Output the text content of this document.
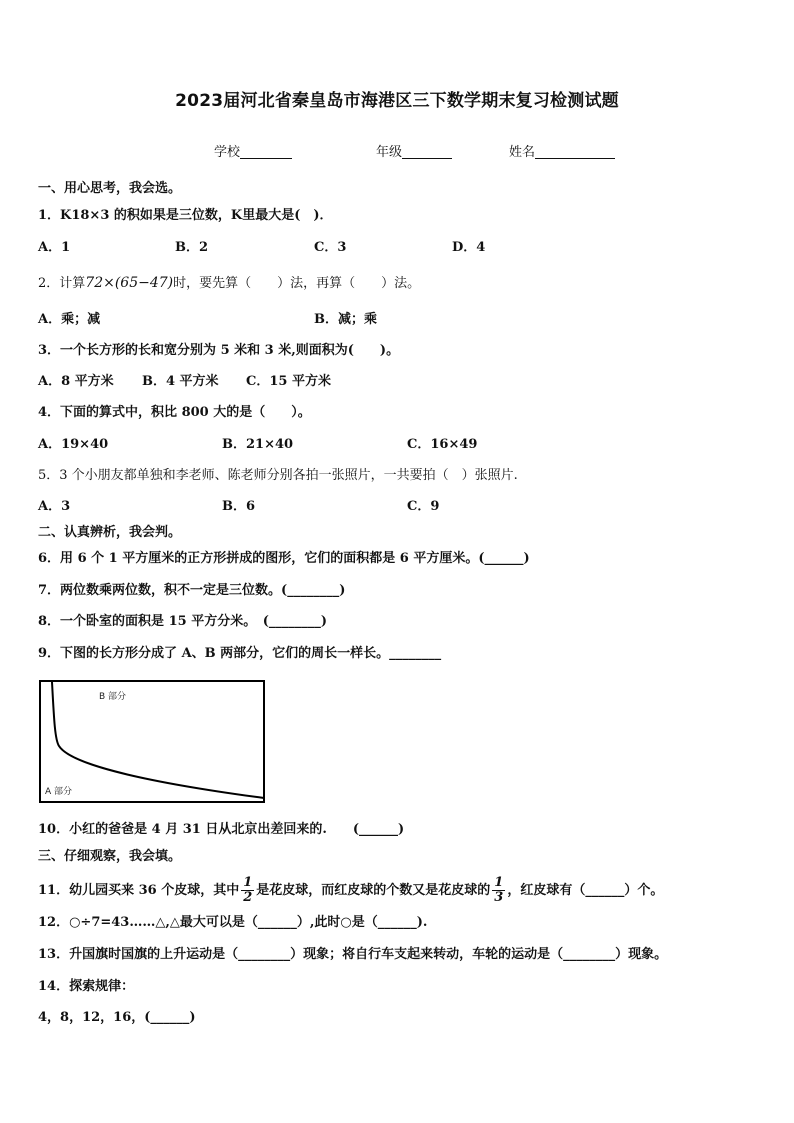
2023届河北省秦皇岛市海港区三下数学期末复习检测试题
学校	年级	姓名
一、用心思考，我会选。
1．K18×3 的积如果是三位数，K里最大是(　)．
A．1	B．2	C．3	D．4
2．计算72×(65−47)时，要先算（　　）法，再算（　　）法。
A．乘；减	B．减；乘
3．一个长方形的长和宽分别为 5 米和 3 米,则面积为(　　)。
A．8 平方米 B．4 平方米 C．15 平方米
4．下面的算式中，积比 800 大的是（　　）。
A．19×40	B．21×40	C．16×49
5．3 个小朋友都单独和李老师、陈老师分别各拍一张照片，一共要拍（　）张照片.
A．3	B．6	C．9
二、认真辨析，我会判。
6．用 6 个 1 平方厘米的正方形拼成的图形，它们的面积都是 6 平方厘米。(______)
7．两位数乘两位数，积不一定是三位数。(________)
8．一个卧室的面积是 15 平方分米。　(________)
9．下图的长方形分成了 A、B 两部分，它们的周长一样长。________
B 部分
A 部分
10．小红的爸爸是 4 月 31 日从北京出差回来的.　　(______)
三、仔细观察，我会填。
11．幼儿园买来 36 个皮球，其中 $\frac{1}{2}$ 是花皮球，而红皮球的个数又是花皮球的 $\frac{1}{3}$ ，红皮球有（______）个。
12．○÷7=43……△,△最大可以是（______）,此时○是（______).
13．升国旗时国旗的上升运动是（________）现象；将自行车支起来转动，车轮的运动是（________）现象。
14．探索规律：
4，8，12，16，(______)
